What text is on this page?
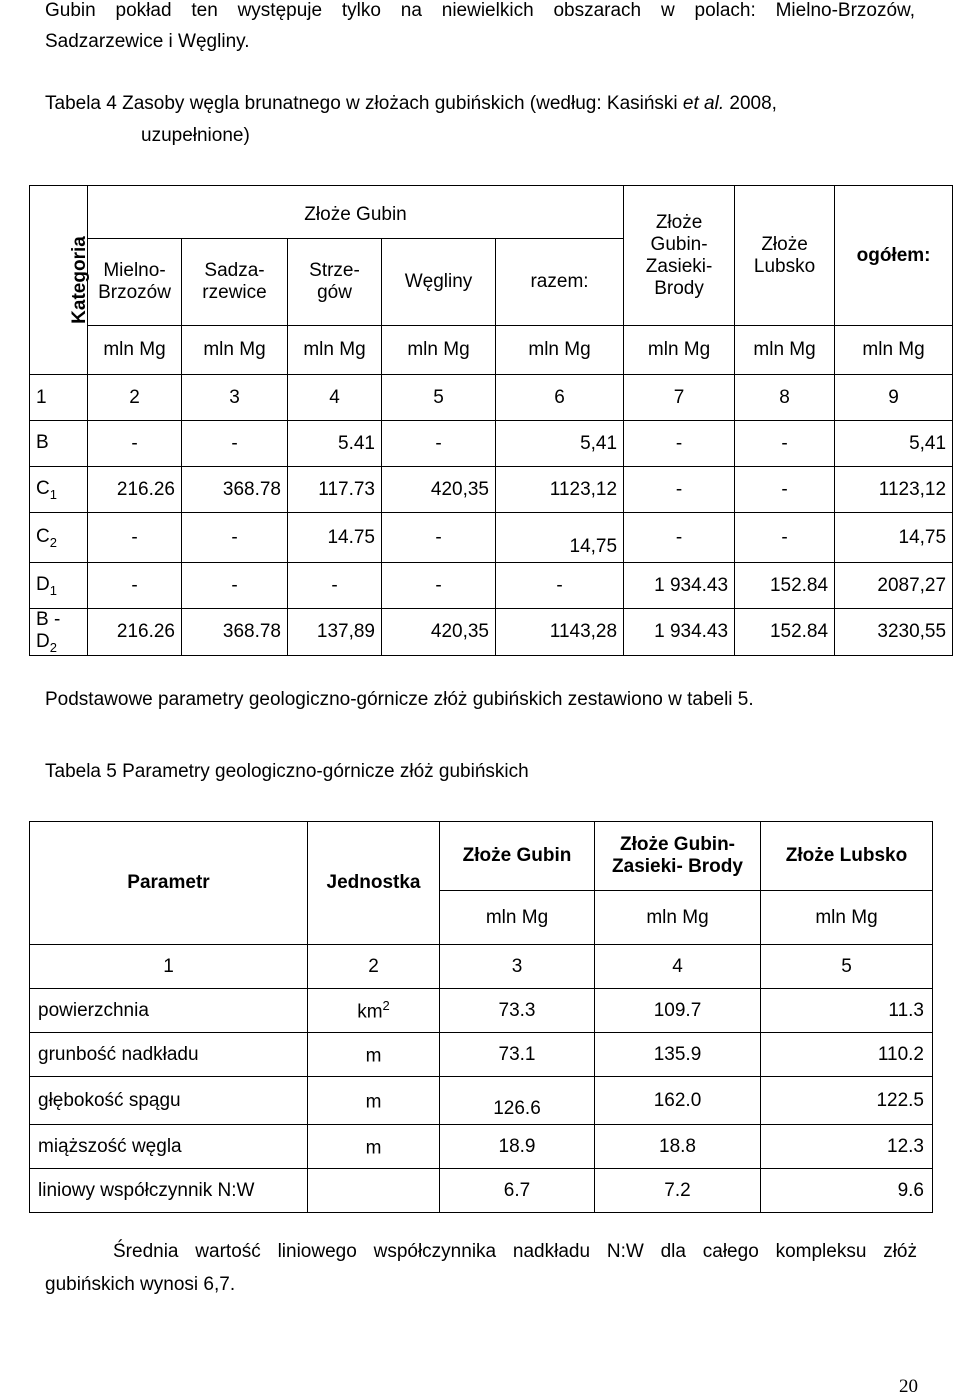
Gubin pokład ten występuje tylko na niewielkich obszarach w polach: Mielno-Brzozów,

Sadzarzewice i Węgliny.

Tabela 4 Zasoby węgla brunatnego w złożach gubińskich (według: Kasiński et al. 2008,

uzupełnione)

Kategoria	Złoże Gubin					Złoże Gubin-Zasieki-Brody	Złoże Lubsko	ogółem:
	Mielno-Brzozów	Sadza-rzewice	Strze-gów	Węgliny	razem:			
	mln Mg	mln Mg	mln Mg	mln Mg	mln Mg	mln Mg	mln Mg	mln Mg
1	2	3	4	5	6	7	8	9
B	-	-	5.41	-	5,41	-	-	5,41
$C_1$	216.26	368.78	117.73	420,35	1123,12	-	-	1123,12
$C_2$	-	-	14.75	-	14,75	-	-	14,75
$D_1$	-	-	-	-	-	1 934.43	152.84	2087,27
B $-D_2$	216.26	368.78	137,89	420,35	1143,28	1 934.43	152.84	3230,55

Podstawowe parametry geologiczno-górnicze złóż gubińskich zestawiono w tabeli 5.

Tabela 5 Parametry geologiczno-górnicze złóż gubińskich

Parametr	Jednostka	Złoże Gubin	Złoże Gubin-Zasieki- Brody	Złoże Lubsko
		mln Mg	mln Mg	mln Mg
1	2	3	4	5
powierzchnia	$km^2$	73.3	109.7	11.3
grunbość nadkładu	m	73.1	135.9	110.2
głębokość spągu	m	126.6	162.0	122.5
miąższość węgla	m	18.9	18.8	12.3
liniowy współczynnik N:W		6.7	7.2	9.6

Średnia wartość liniowego współczynnika nadkładu N:W dla całego kompleksu złóż

gubińskich wynosi 6,7.

20
